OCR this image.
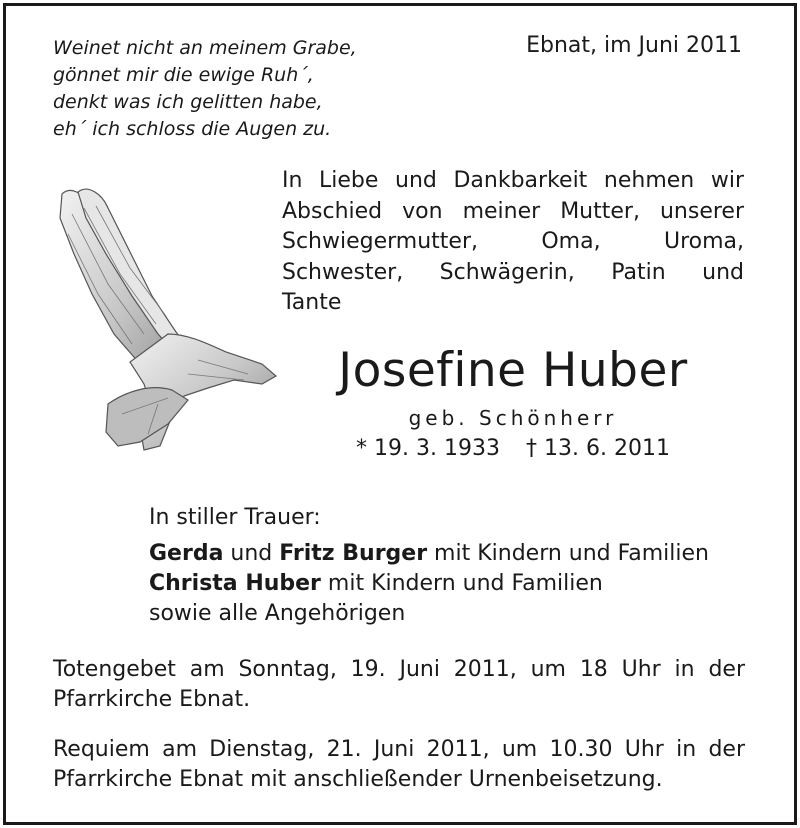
Weinet nicht an meinem Grabe,
gönnet mir die ewige Ruh´,
denkt was ich gelitten habe,
eh´ ich schloss die Augen zu.
Ebnat, im Juni 2011
In Liebe und Dankbarkeit nehmen wir
Abschied von meiner Mutter, unserer
Schwiegermutter, Oma, Uroma,
Schwester, Schwägerin, Patin und
Tante
Josefine Huber
geb. Schönherr
* 19. 3. 1933 † 13. 6. 2011
In stiller Trauer:
Gerda und Fritz Burger mit Kindern und Familien
Christa Huber mit Kindern und Familien
sowie alle Angehörigen
Totengebet am Sonntag, 19. Juni 2011, um 18 Uhr in der
Pfarrkirche Ebnat.
Requiem am Dienstag, 21. Juni 2011, um 10.30 Uhr in der
Pfarrkirche Ebnat mit anschließender Urnenbeisetzung.
